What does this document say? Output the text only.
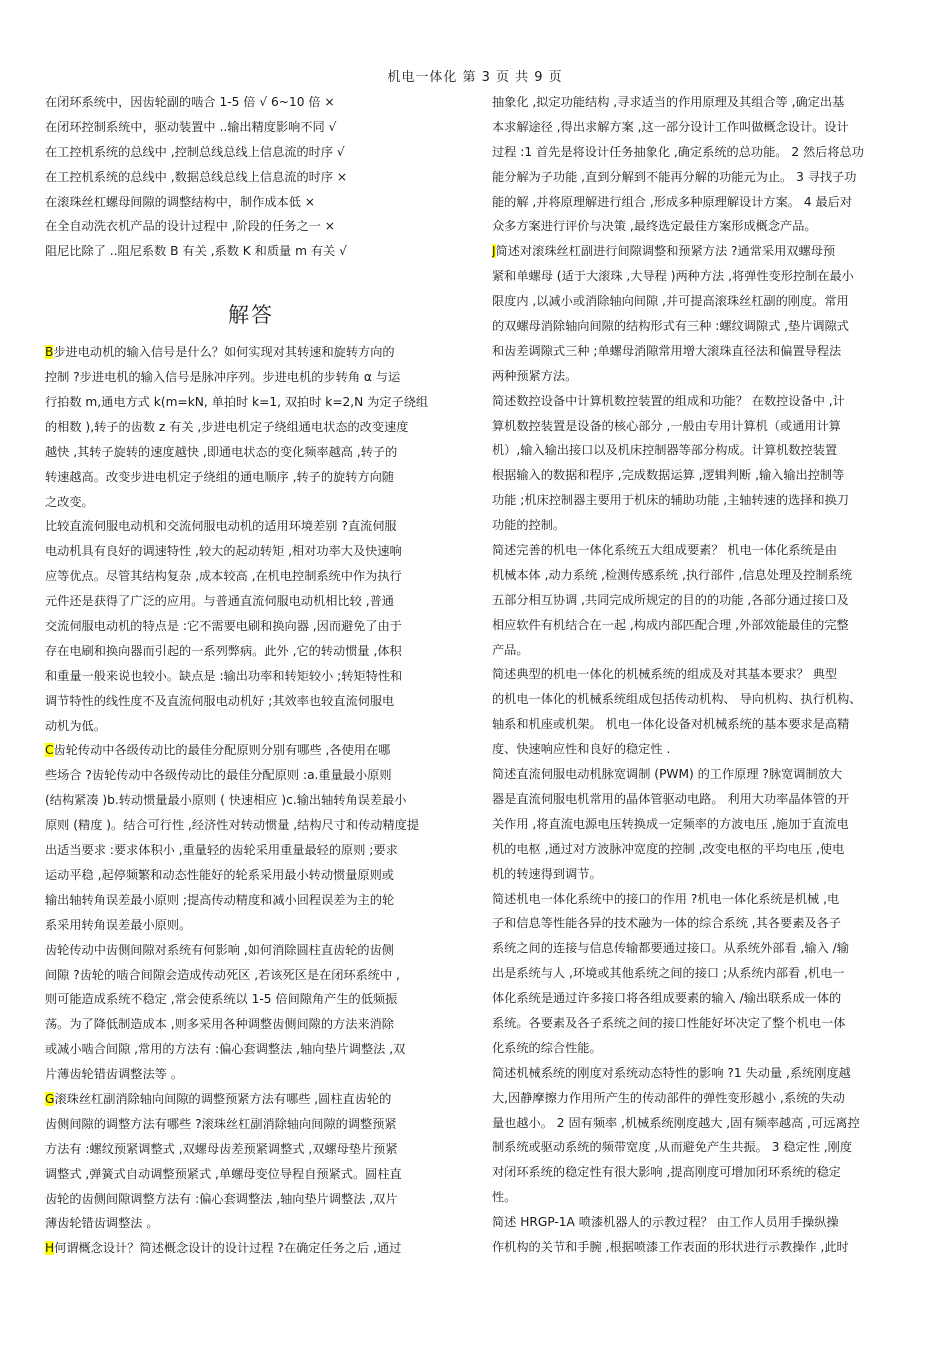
机电一体化 第 3 页 共 9 页
在闭环系统中，因齿轮副的啮合 1-5 倍 √ 6~10 倍 ×
在闭环控制系统中，驱动装置中 ..输出精度影响不同 √
在工控机系统的总线中 ,控制总线总线上信息流的时序 √
在工控机系统的总线中 ,数据总线总线上信息流的时序 ×
在滚珠丝杠螺母间隙的调整结构中，制作成本低 ×
在全自动洗衣机产品的设计过程中 ,阶段的任务之一 ×
阻尼比除了 ..阻尼系数 B 有关 ,系数 K 和质量 m 有关 √
解答
B步进电动机的输入信号是什么？如何实现对其转速和旋转方向的
控制 ?步进电机的输入信号是脉冲序列。步进电机的步转角 α 与运
行拍数 m,通电方式 k(m=kN, 单拍时 k=1, 双拍时 k=2,N 为定子绕组
的相数 ),转子的齿数 z 有关 ,步进电机定子绕组通电状态的改变速度
越快 ,其转子旋转的速度越快 ,即通电状态的变化频率越高 ,转子的
转速越高。改变步进电机定子绕组的通电顺序 ,转子的旋转方向随
之改变。
比较直流伺服电动机和交流伺服电动机的适用环境差别 ?直流伺服
电动机具有良好的调速特性 ,较大的起动转矩 ,相对功率大及快速响
应等优点。尽管其结构复杂 ,成本较高 ,在机电控制系统中作为执行
元件还是获得了广泛的应用。与普通直流伺服电动机相比较 ,普通
交流伺服电动机的特点是 :它不需要电刷和换向器 ,因而避免了由于
存在电刷和换向器而引起的一系列弊病。此外 ,它的转动惯量 ,体积
和重量一般来说也较小。缺点是 :输出功率和转矩较小 ;转矩特性和
调节特性的线性度不及直流伺服电动机好 ;其效率也较直流伺服电
动机为低。
C齿轮传动中各级传动比的最佳分配原则分别有哪些 ,各使用在哪
些场合 ?齿轮传动中各级传动比的最佳分配原则 :a.重量最小原则
(结构紧凑 )b.转动惯量最小原则 ( 快速相应 )c.输出轴转角误差最小
原则 (精度 )。结合可行性 ,经济性对转动惯量 ,结构尺寸和传动精度提
出适当要求 :要求体积小 ,重量轻的齿轮采用重量最轻的原则 ;要求
运动平稳 ,起停频繁和动态性能好的轮系采用最小转动惯量原则或
输出轴转角误差最小原则 ;提高传动精度和减小回程误差为主的轮
系采用转角误差最小原则。
齿轮传动中齿侧间隙对系统有何影响 ,如何消除圆柱直齿轮的齿侧
间隙 ?齿轮的啮合间隙会造成传动死区 ,若该死区是在闭环系统中 ,
则可能造成系统不稳定 ,常会使系统以 1-5 倍间隙角产生的低频振
荡。为了降低制造成本 ,则多采用各种调整齿侧间隙的方法来消除
或减小啮合间隙 ,常用的方法有 :偏心套调整法 ,轴向垫片调整法 ,双
片薄齿轮错齿调整法等 。
G滚珠丝杠副消除轴向间隙的调整预紧方法有哪些 ,圆柱直齿轮的
齿侧间隙的调整方法有哪些 ?滚珠丝杠副消除轴向间隙的调整预紧
方法有 :螺纹预紧调整式 ,双螺母齿差预紧调整式 ,双螺母垫片预紧
调整式 ,弹簧式自动调整预紧式 ,单螺母变位导程自预紧式。圆柱直
齿轮的齿侧间隙调整方法有 :偏心套调整法 ,轴向垫片调整法 ,双片
薄齿轮错齿调整法 。
H何谓概念设计？简述概念设计的设计过程 ?在确定任务之后 ,通过
抽象化 ,拟定功能结构 ,寻求适当的作用原理及其组合等 ,确定出基
本求解途径 ,得出求解方案 ,这一部分设计工作叫做概念设计。设计
过程 :1 首先是将设计任务抽象化 ,确定系统的总功能。 2 然后将总功
能分解为子功能 ,直到分解到不能再分解的功能元为止。 3 寻找子功
能的解 ,并将原理解进行组合 ,形成多种原理解设计方案。 4 最后对
众多方案进行评价与决策 ,最终选定最佳方案形成概念产品。
J简述对滚珠丝杠副进行间隙调整和预紧方法 ?通常采用双螺母预
紧和单螺母 (适于大滚珠 ,大导程 )两种方法 ,将弹性变形控制在最小
限度内 ,以减小或消除轴向间隙 ,并可提高滚珠丝杠副的刚度。常用
的双螺母消除轴向间隙的结构形式有三种 :螺纹调隙式 ,垫片调隙式
和齿差调隙式三种 ;单螺母消隙常用增大滚珠直径法和偏置导程法
两种预紧方法。
简述数控设备中计算机数控装置的组成和功能？ 在数控设备中 ,计
算机数控装置是设备的核心部分 ,一般由专用计算机（或通用计算
机）,输入输出接口以及机床控制器等部分构成。计算机数控装置
根据输入的数据和程序 ,完成数据运算 ,逻辑判断 ,输入输出控制等
功能 ;机床控制器主要用于机床的辅助功能 ,主轴转速的选择和换刀
功能的控制。
简述完善的机电一体化系统五大组成要素？ 机电一体化系统是由
机械本体 ,动力系统 ,检测传感系统 ,执行部件 ,信息处理及控制系统
五部分相互协调 ,共同完成所规定的目的的功能 ,各部分通过接口及
相应软件有机结合在一起 ,构成内部匹配合理 ,外部效能最佳的完整
产品。
简述典型的机电一体化的机械系统的组成及对其基本要求？ 典型
的机电一体化的机械系统组成包括传动机构、 导向机构、执行机构、
轴系和机座或机架。 机电一体化设备对机械系统的基本要求是高精
度、快速响应性和良好的稳定性 .
简述直流伺服电动机脉宽调制 (PWM) 的工作原理 ?脉宽调制放大
器是直流伺服电机常用的晶体管驱动电路。 利用大功率晶体管的开
关作用 ,将直流电源电压转换成一定频率的方波电压 ,施加于直流电
机的电枢 ,通过对方波脉冲宽度的控制 ,改变电枢的平均电压 ,使电
机的转速得到调节。
简述机电一体化系统中的接口的作用 ?机电一体化系统是机械 ,电
子和信息等性能各异的技术融为一体的综合系统 ,其各要素及各子
系统之间的连接与信息传输都要通过接口。从系统外部看 ,输入 /输
出是系统与人 ,环境或其他系统之间的接口 ;从系统内部看 ,机电一
体化系统是通过许多接口将各组成要素的输入 /输出联系成一体的
系统。各要素及各子系统之间的接口性能好坏决定了整个机电一体
化系统的综合性能。
简述机械系统的刚度对系统动态特性的影响 ?1 失动量 ,系统刚度越
大,因静摩擦力作用所产生的传动部件的弹性变形越小 ,系统的失动
量也越小。 2 固有频率 ,机械系统刚度越大 ,固有频率越高 ,可远离控
制系统或驱动系统的频带宽度 ,从而避免产生共振。 3 稳定性 ,刚度
对闭环系统的稳定性有很大影响 ,提高刚度可增加闭环系统的稳定
性。
简述 HRGP-1A 喷漆机器人的示教过程？ 由工作人员用手操纵操
作机构的关节和手腕 ,根据喷漆工作表面的形状进行示教操作 ,此时
